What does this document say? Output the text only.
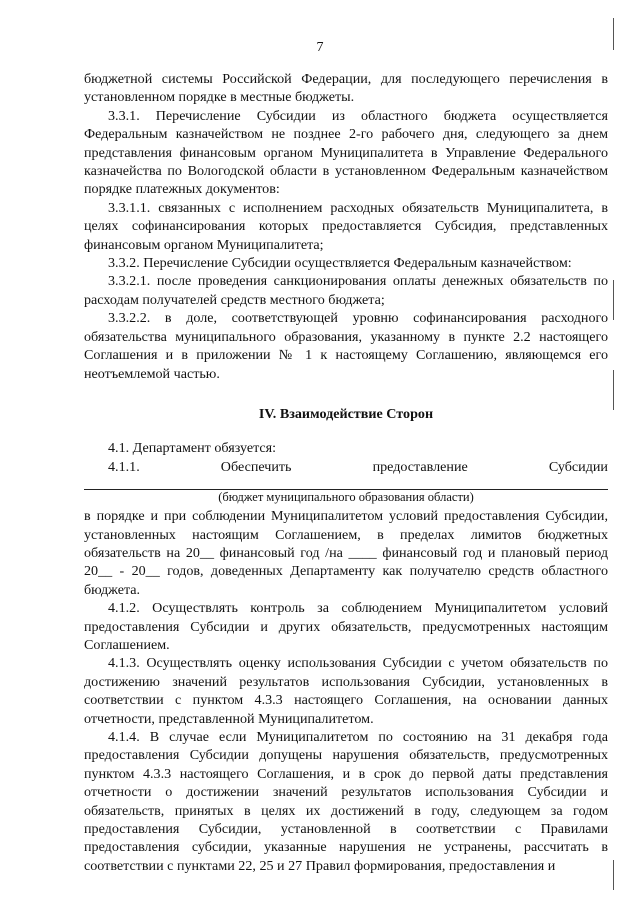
7

бюджетной системы Российской Федерации, для последующего перечисления в установленном порядке в местные бюджеты.

3.3.1. Перечисление Субсидии из областного бюджета осуществляется Федеральным казначейством не позднее 2-го рабочего дня, следующего за днем представления финансовым органом Муниципалитета в Управление Федерального казначейства по Вологодской области в установленном Федеральным казначейством порядке платежных документов:

3.3.1.1. связанных с исполнением расходных обязательств Муниципалитета, в целях софинансирования которых предоставляется Субсидия, представленных финансовым органом Муниципалитета;

3.3.2. Перечисление Субсидии осуществляется Федеральным казначейством:

3.3.2.1. после проведения санкционирования оплаты денежных обязательств по расходам получателей средств местного бюджета;

3.3.2.2. в доле, соответствующей уровню софинансирования расходного обязательства муниципального образования, указанному в пункте 2.2 настоящего Соглашения и в приложении № 1 к настоящему Соглашению, являющемся его неотъемлемой частью.

IV. Взаимодействие Сторон

4.1. Департамент обязуется:

4.1.1.	Обеспечить	предоставление	Субсидии

(бюджет муниципального образования области)

в порядке и при соблюдении Муниципалитетом условий предоставления Субсидии, установленных настоящим Соглашением, в пределах лимитов бюджетных обязательств на 20__ финансовый год /на ____ финансовый год и плановый период 20__ - 20__ годов, доведенных Департаменту как получателю средств областного бюджета.

4.1.2. Осуществлять контроль за соблюдением Муниципалитетом условий предоставления Субсидии и других обязательств, предусмотренных настоящим Соглашением.

4.1.3. Осуществлять оценку использования Субсидии с учетом обязательств по достижению значений результатов использования Субсидии, установленных в соответствии с пунктом 4.3.3 настоящего Соглашения, на основании данных отчетности, представленной Муниципалитетом.

4.1.4. В случае если Муниципалитетом по состоянию на 31 декабря года предоставления Субсидии допущены нарушения обязательств, предусмотренных пунктом 4.3.3 настоящего Соглашения, и в срок до первой даты представления отчетности о достижении значений результатов использования Субсидии и обязательств, принятых в целях их достижений в году, следующем за годом предоставления Субсидии, установленной в соответствии с Правилами предоставления субсидии, указанные нарушения не устранены, рассчитать в соответствии с пунктами 22, 25 и 27 Правил формирования, предоставления и
